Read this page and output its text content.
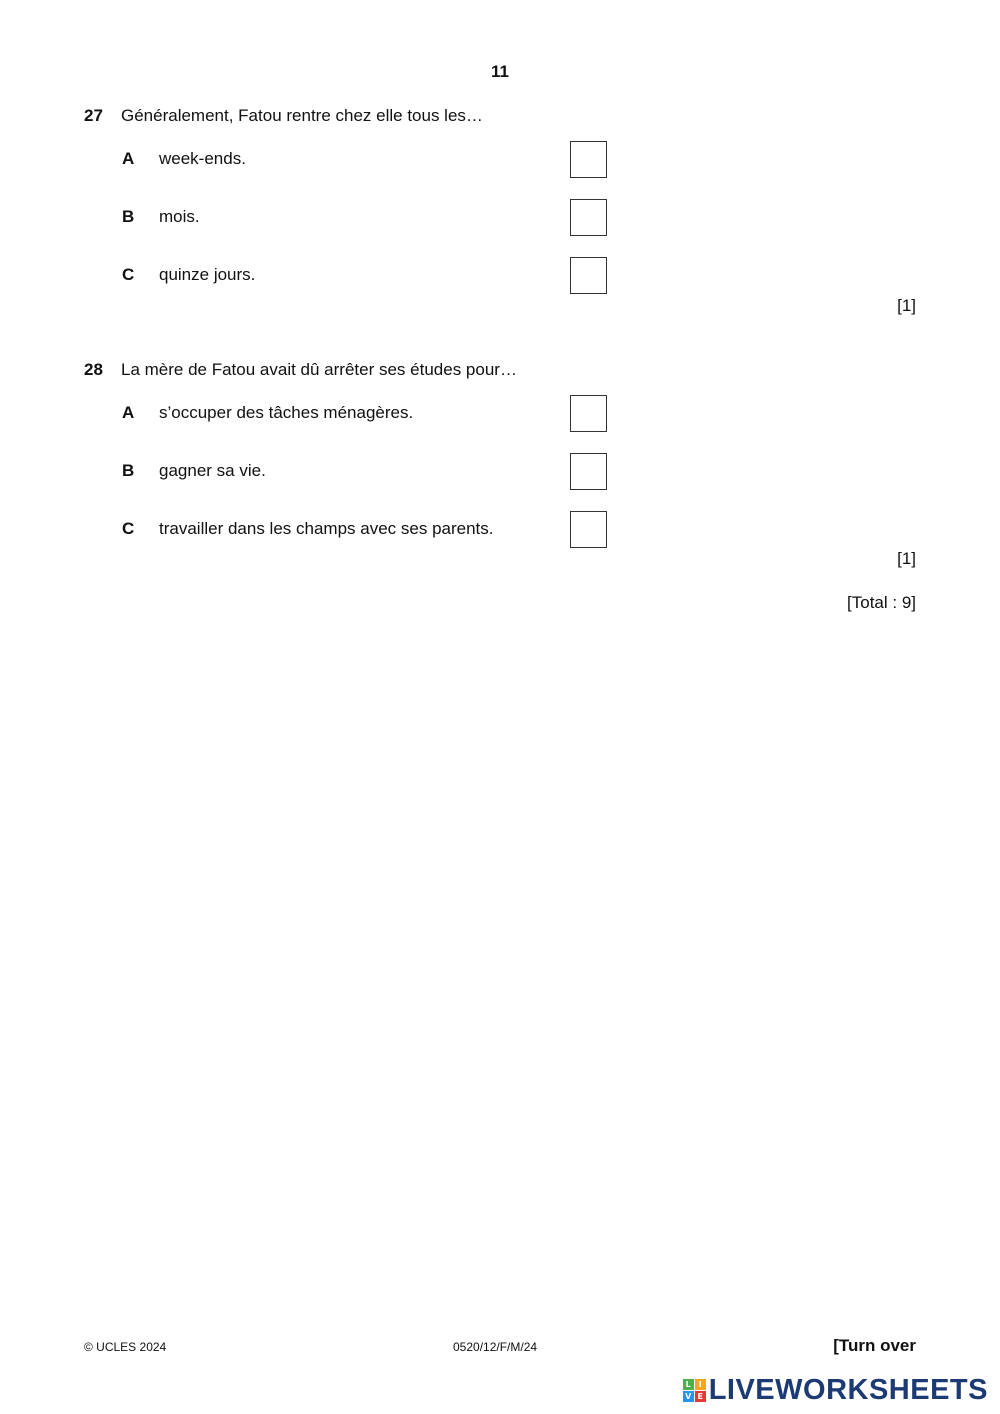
11
27 Généralement, Fatou rentre chez elle tous les…
A week-ends.
B mois.
C quinze jours.
[1]
28 La mère de Fatou avait dû arrêter ses études pour…
A s’occuper des tâches ménagères.
B gagner sa vie.
C travailler dans les champs avec ses parents.
[1]
[Total : 9]
© UCLES 2024	0520/12/F/M/24	[Turn over
L I
V E LIVEWORKSHEETS
